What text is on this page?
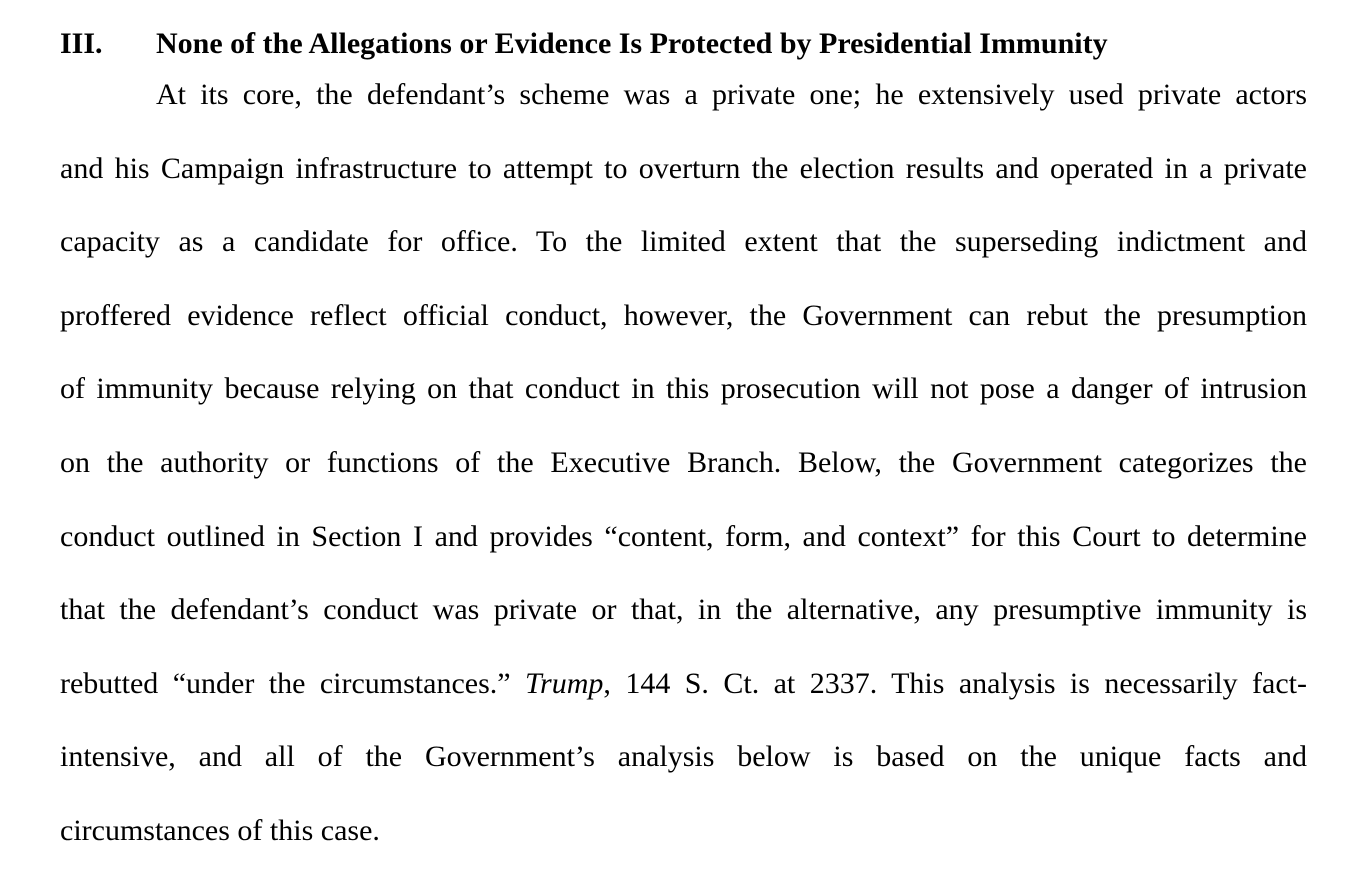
III.	None of the Allegations or Evidence Is Protected by Presidential Immunity
At its core, the defendant’s scheme was a private one; he extensively used private actors
and his Campaign infrastructure to attempt to overturn the election results and operated in a private
capacity as a candidate for office. To the limited extent that the superseding indictment and
proffered evidence reflect official conduct, however, the Government can rebut the presumption
of immunity because relying on that conduct in this prosecution will not pose a danger of intrusion
on the authority or functions of the Executive Branch. Below, the Government categorizes the
conduct outlined in Section I and provides “content, form, and context” for this Court to determine
that the defendant’s conduct was private or that, in the alternative, any presumptive immunity is
rebutted “under the circumstances.” Trump, 144 S. Ct. at 2337. This analysis is necessarily fact-
intensive, and all of the Government’s analysis below is based on the unique facts and
circumstances of this case.
